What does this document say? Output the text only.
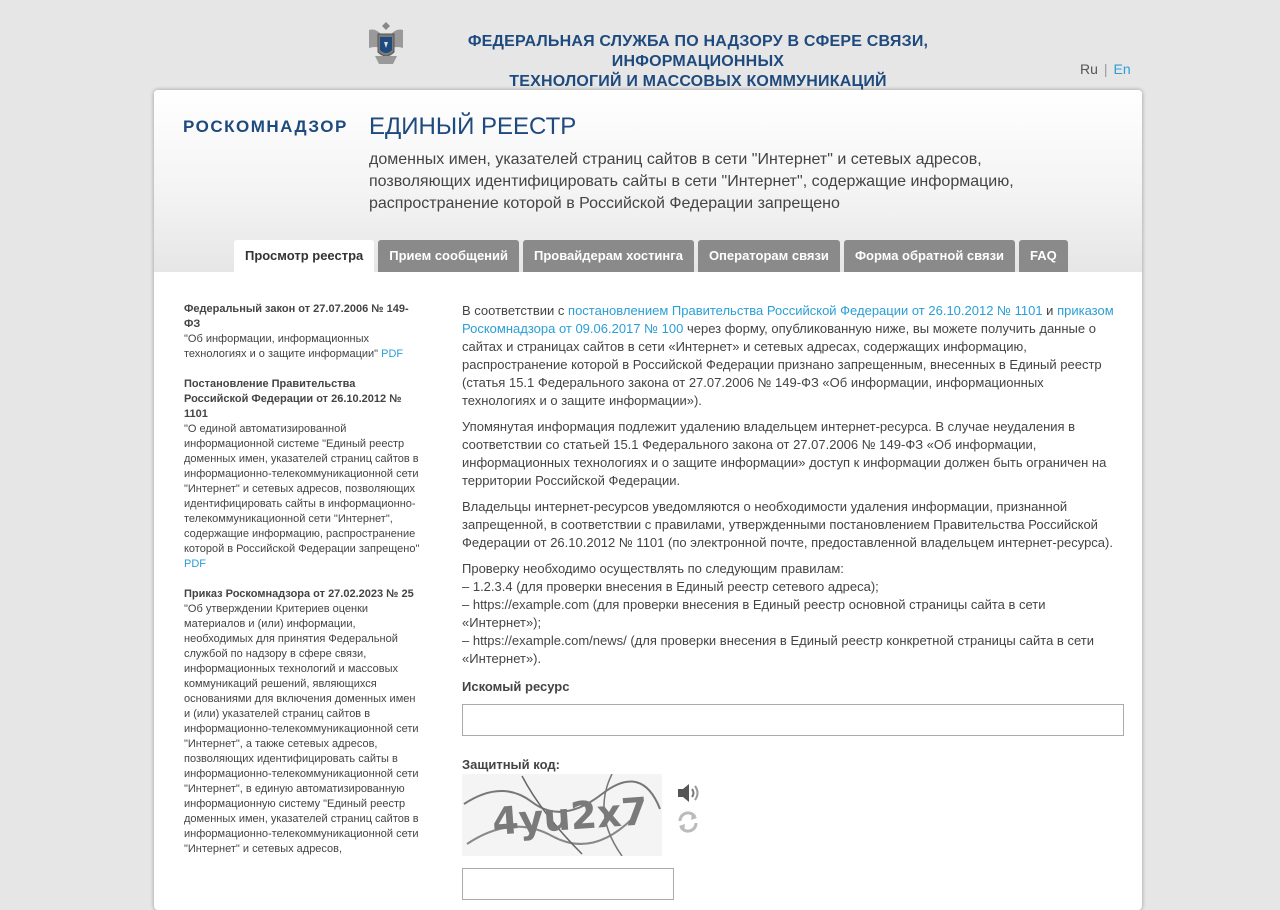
ФЕДЕРАЛЬНАЯ СЛУЖБА ПО НАДЗОРУ В СФЕРЕ СВЯЗИ, ИНФОРМАЦИОННЫХ
ТЕХНОЛОГИЙ И МАССОВЫХ КОММУНИКАЦИЙ
Ru | En
РОСКОМНАДЗОР ЕДИНЫЙ РЕЕСТР
доменных имен, указателей страниц сайтов в сети "Интернет" и сетевых адресов, позволяющих идентифицировать сайты в сети "Интернет", содержащие информацию, распространение которой в Российской Федерации запрещено
Просмотр реестра	Прием сообщений	Провайдерам хостинга	Операторам связи	Форма обратной связи	FAQ
Федеральный закон от 27.07.2006 № 149-ФЗ
"Об информации, информационных технологиях и о защите информации" PDF
Постановление Правительства Российской Федерации от 26.10.2012 № 1101
"О единой автоматизированной информационной системе "Единый реестр доменных имен, указателей страниц сайтов в информационно-телекоммуникационной сети "Интернет" и сетевых адресов, позволяющих идентифицировать сайты в информационно-телекоммуникационной сети "Интернет", содержащие информацию, распространение которой в Российской Федерации запрещено" PDF
Приказ Роскомнадзора от 27.02.2023 № 25
"Об утверждении Критериев оценки материалов и (или) информации, необходимых для принятия Федеральной службой по надзору в сфере связи, информационных технологий и массовых коммуникаций решений, являющихся основаниями для включения доменных имен и (или) указателей страниц сайтов в информационно-телекоммуникационной сети "Интернет", а также сетевых адресов, позволяющих идентифицировать сайты в информационно-телекоммуникационной сети "Интернет", в единую автоматизированную информационную систему "Единый реестр доменных имен, указателей страниц сайтов в информационно-телекоммуникационной сети "Интернет" и сетевых адресов,

В соответствии с постановлением Правительства Российской Федерации от 26.10.2012 № 1101 и приказом Роскомнадзора от 09.06.2017 № 100 через форму, опубликованную ниже, вы можете получить данные о сайтах и страницах сайтов в сети «Интернет» и сетевых адресах, содержащих информацию, распространение которой в Российской Федерации признано запрещенным, внесенных в Единый реестр (статья 15.1 Федерального закона от 27.07.2006 № 149-ФЗ «Об информации, информационных технологиях и о защите информации»).

Упомянутая информация подлежит удалению владельцем интернет-ресурса. В случае неудаления в соответствии со статьей 15.1 Федерального закона от 27.07.2006 № 149-ФЗ «Об информации, информационных технологиях и о защите информации» доступ к информации должен быть ограничен на территории Российской Федерации.

Владельцы интернет-ресурсов уведомляются о необходимости удаления информации, признанной запрещенной, в соответствии с правилами, утвержденными постановлением Правительства Российской Федерации от 26.10.2012 № 1101 (по электронной почте, предоставленной владельцем интернет-ресурса).

Проверку необходимо осуществлять по следующим правилам:
– 1.2.3.4 (для проверки внесения в Единый реестр сетевого адреса);
– https://example.com (для проверки внесения в Единый реестр основной страницы сайта в сети «Интернет»);
– https://example.com/news/ (для проверки внесения в Единый реестр конкретной страницы сайта в сети «Интернет»).
Искомый ресурс
Защитный код:
4yu2x7
